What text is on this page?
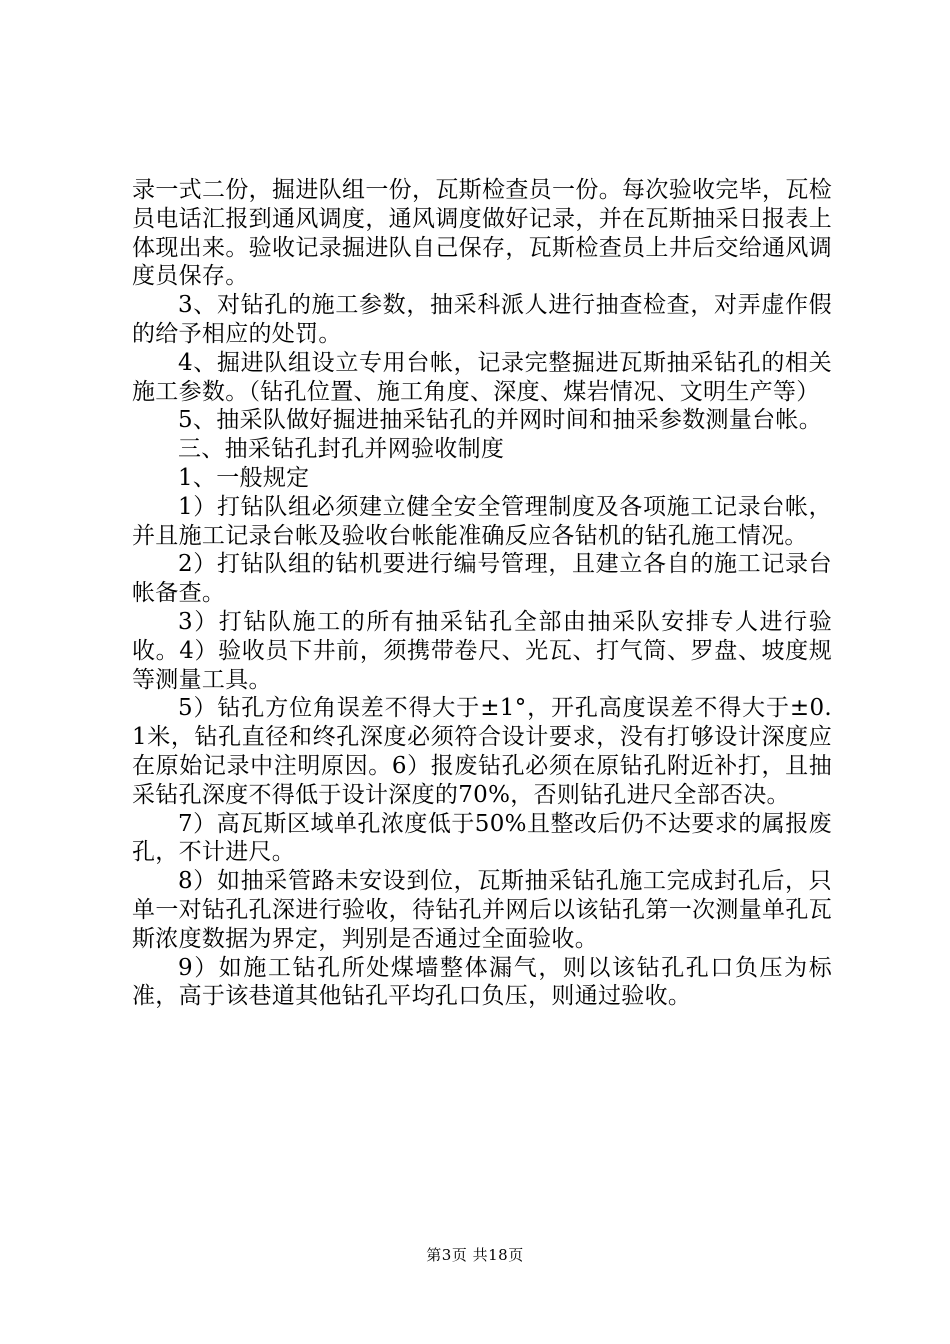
录一式二份，掘进队组一份，瓦斯检查员一份。每次验收完毕，瓦检员电话汇报到通风调度，通风调度做好记录，并在瓦斯抽采日报表上体现出来。验收记录掘进队自己保存，瓦斯检查员上井后交给通风调度员保存。

3、对钻孔的施工参数，抽采科派人进行抽查检查，对弄虚作假的给予相应的处罚。

4、掘进队组设立专用台帐，记录完整掘进瓦斯抽采钻孔的相关施工参数。（钻孔位置、施工角度、深度、煤岩情况、文明生产等）

5、抽采队做好掘进抽采钻孔的并网时间和抽采参数测量台帐。

三、抽采钻孔封孔并网验收制度

1、一般规定

1）打钻队组必须建立健全安全管理制度及各项施工记录台帐，并且施工记录台帐及验收台帐能准确反应各钻机的钻孔施工情况。

2）打钻队组的钻机要进行编号管理，且建立各自的施工记录台帐备查。

3）打钻队施工的所有抽采钻孔全部由抽采队安排专人进行验收。4）验收员下井前，须携带卷尺、光瓦、打气筒、罗盘、坡度规等测量工具。

5）钻孔方位角误差不得大于±1°，开孔高度误差不得大于±0.1米，钻孔直径和终孔深度必须符合设计要求，没有打够设计深度应在原始记录中注明原因。6）报废钻孔必须在原钻孔附近补打，且抽采钻孔深度不得低于设计深度的70%，否则钻孔进尺全部否决。

7）高瓦斯区域单孔浓度低于50%且整改后仍不达要求的属报废孔，不计进尺。

8）如抽采管路未安设到位，瓦斯抽采钻孔施工完成封孔后，只单一对钻孔孔深进行验收，待钻孔并网后以该钻孔第一次测量单孔瓦斯浓度数据为界定，判别是否通过全面验收。

9）如施工钻孔所处煤墙整体漏气，则以该钻孔孔口负压为标准，高于该巷道其他钻孔平均孔口负压，则通过验收。

第3页 共18页
